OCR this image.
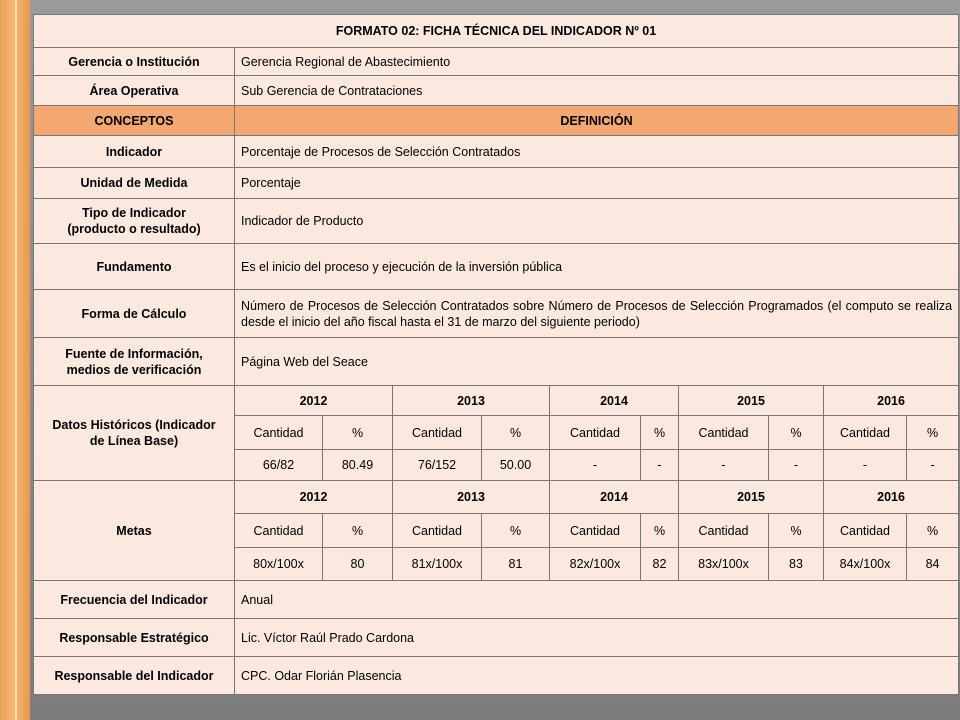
FORMATO 02: FICHA TÉCNICA DEL INDICADOR Nº 01										
Gerencia o Institución	Gerencia Regional de Abastecimiento									
Área Operativa	Sub Gerencia de Contrataciones									
CONCEPTOS	DEFINICIÓN									
Indicador	Porcentaje de Procesos de Selección Contratados									
Unidad de Medida	Porcentaje									

Tipo de Indicador
(producto o resultado)	Indicador de Producto									
Fundamento	Es el inicio del proceso y ejecución de la inversión pública									
Forma de Cálculo	Número de Procesos de Selección Contratados sobre Número de Procesos de Selección Programados (el computo se realiza desde el inicio del año fiscal hasta el 31 de marzo del siguiente periodo)									

Fuente de Información,
medios de verificación	Página Web del Seace									

Datos Históricos (Indicador
de Línea Base)	2012		2013		2014		2015		2016	
	Cantidad	%	Cantidad	%	Cantidad	%	Cantidad	%	Cantidad	%
	66/82	80.49	76/152	50.00	-	-	-	-	-	-
Metas	2012		2013		2014		2015		2016	
	Cantidad	%	Cantidad	%	Cantidad	%	Cantidad	%	Cantidad	%
	80x/100x	80	81x/100x	81	82x/100x	82	83x/100x	83	84x/100x	84
Frecuencia del Indicador	Anual									
Responsable Estratégico	Lic. Víctor Raúl Prado Cardona									
Responsable del Indicador	CPC. Odar Florián Plasencia									
